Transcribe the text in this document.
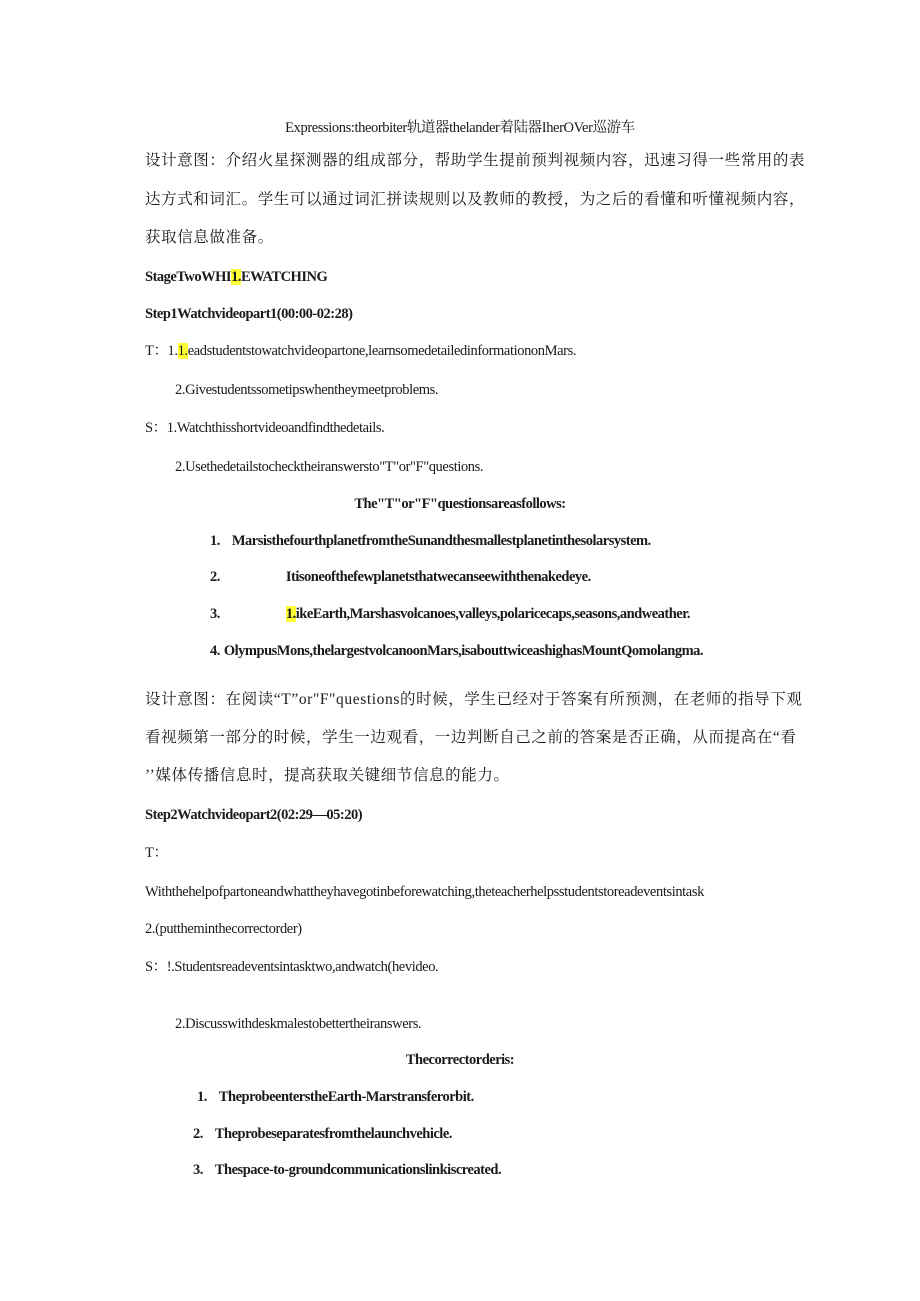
Expressions:theorbiter轨道器thelander着陆器IherOVer巡游车
设计意图：介绍火星探测器的组成部分，帮助学生提前预判视频内容，迅速习得一些常用的表
达方式和词汇。学生可以通过词汇拼读规则以及教师的教授，为之后的看懂和听懂视频内容，
获取信息做准备。
StageTwoWHI1.EWATCHING
Step1Watchvideopart1(00:00-02:28)
T：1.1.eadstudentstowatchvideopartone,learnsomedetailedinformationonMars.
2.Givestudentssometipswhentheymeetproblems.
S：1.Watchthisshortvideoandfindthedetails.
2.Usethedetailstochecktheiranswersto"T"or"F"questions.
The"T"or"F"questionsareasfollows:
1. MarsisthefourthplanetfromtheSunandthesmallestplanetinthesolarsystem.
2.	Itisoneofthefewplanetsthatwecanseewiththenakedeye.
3.	1.ikeEarth,Marshasvolcanoes,valleys,polaricecaps,seasons,andweather.
4. OlympusMons,thelargestvolcanoonMars,isabouttwiceashighasMountQomolangma.
设计意图：在阅读“T”or"F"questions的时候，学生已经对于答案有所预测，在老师的指导下观
看视频第一部分的时候，学生一边观看，一边判断自己之前的答案是否正确，从而提高在“看
’’媒体传播信息时，提高获取关键细节信息的能力。
Step2Watchvideopart2(02:29—05:20)
T：
Withthehelpofpartoneandwhattheyhavegotinbeforewatching,theteacherhelpsstudentstoreadeventsintask
2.(puttheminthecorrectorder)
S：!.Studentsreadeventsintasktwo,andwatch(hevideo.
2.Discusswithdeskmalestobettertheiranswers.
Thecorrectorderis:
1. TheprobeenterstheEarth-Marstransferorbit.
2. Theprobeseparatesfromthelaunchvehicle.
3. Thespace-to-groundcommunicationslinkiscreated.
